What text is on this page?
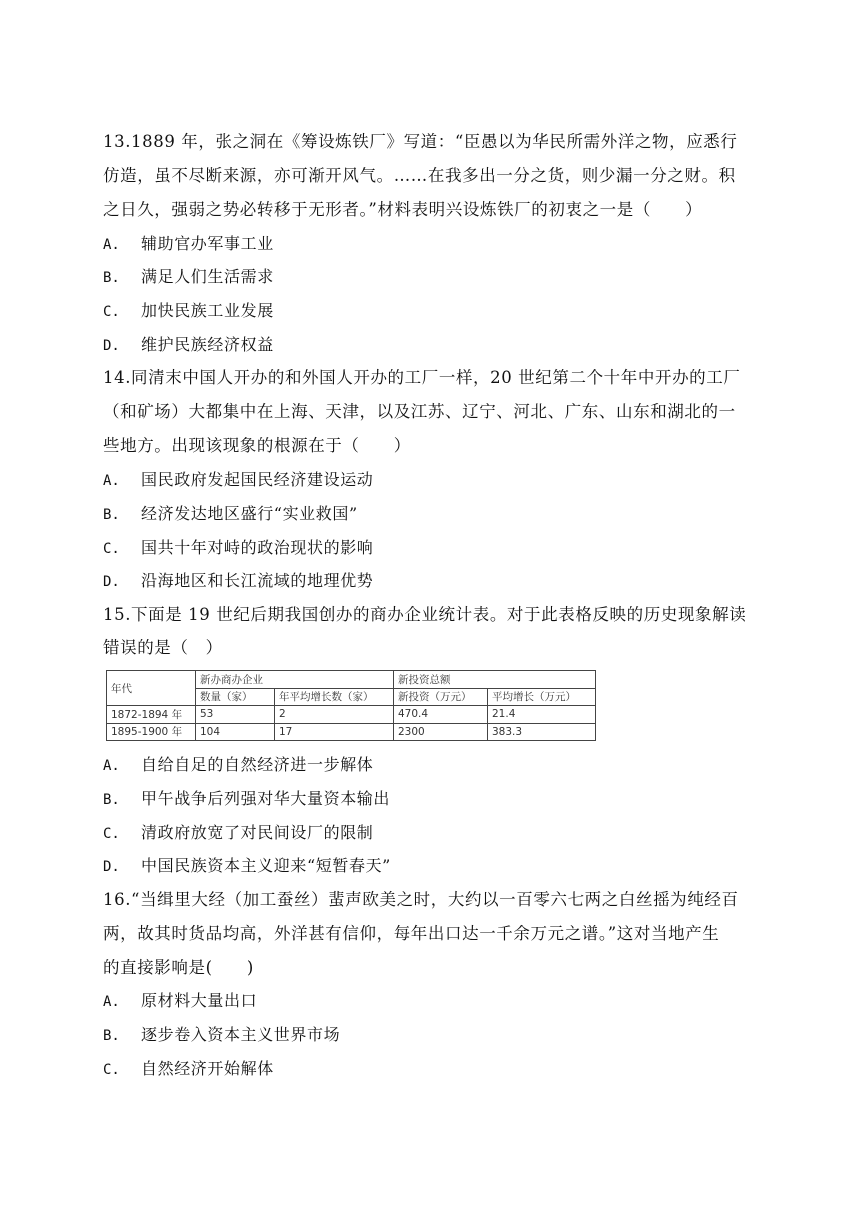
13.1889 年，张之洞在《筹设炼铁厂》写道：“臣愚以为华民所需外洋之物，应悉行
仿造，虽不尽断来源，亦可渐开风气。……在我多出一分之货，则少漏一分之财。积
之日久，强弱之势必转移于无形者。”材料表明兴设炼铁厂的初衷之一是（　　）
A. 辅助官办军事工业
B. 满足人们生活需求
C. 加快民族工业发展
D. 维护民族经济权益
14.同清末中国人开办的和外国人开办的工厂一样，20 世纪第二个十年中开办的工厂
（和矿场）大都集中在上海、天津，以及江苏、辽宁、河北、广东、山东和湖北的一
些地方。出现该现象的根源在于（　　）
A. 国民政府发起国民经济建设运动
B. 经济发达地区盛行“实业救国”
C. 国共十年对峙的政治现状的影响
D. 沿海地区和长江流域的地理优势
15.下面是 19 世纪后期我国创办的商办企业统计表。对于此表格反映的历史现象解读
错误的是（　）
年代	新办商办企业		新投资总额	
	数量（家）	年平均增长数（家）	新投资（万元）	平均增长（万元）
1872-1894 年	53	2	470.4	21.4
1895-1900 年	104	17	2300	383.3
A. 自给自足的自然经济进一步解体
B. 甲午战争后列强对华大量资本输出
C. 清政府放宽了对民间设厂的限制
D. 中国民族资本主义迎来“短暂春天”
16.“当缉里大经（加工蚕丝）蜚声欧美之时，大约以一百零六七两之白丝摇为纯经百
两，故其时货品均高，外洋甚有信仰，每年出口达一千余万元之谱。”这对当地产生
的直接影响是(　　)
A. 原材料大量出口
B. 逐步卷入资本主义世界市场
C. 自然经济开始解体
